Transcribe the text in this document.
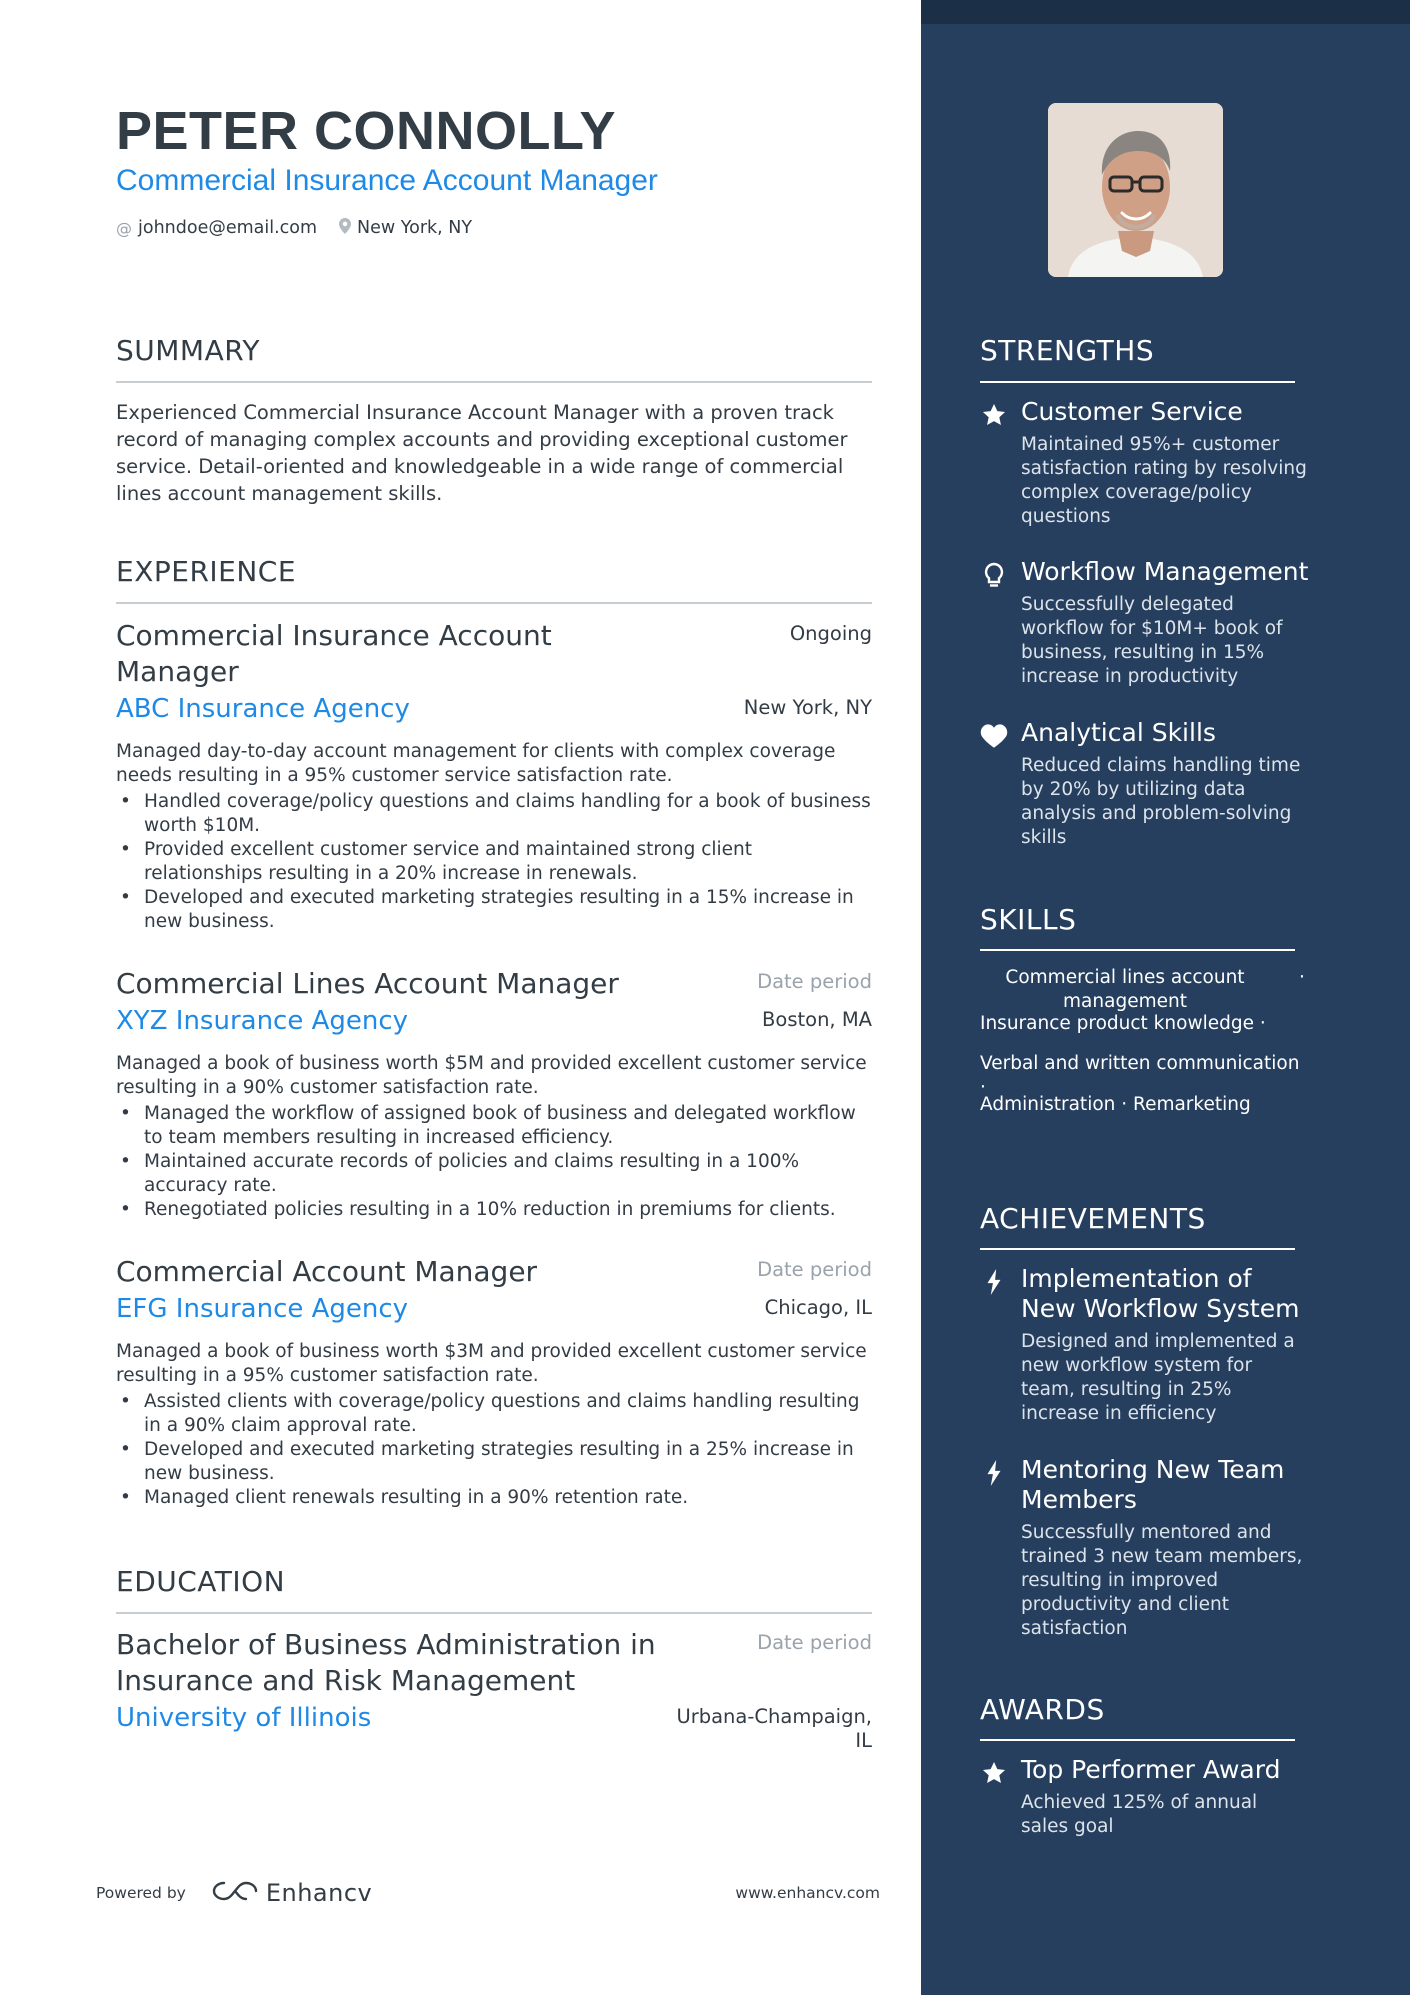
PETER CONNOLLY
Commercial Insurance Account Manager
@ johndoe@email.com New York, NY
SUMMARY
Experienced Commercial Insurance Account Manager with a proven track record of managing complex accounts and providing exceptional customer service. Detail-oriented and knowledgeable in a wide range of commercial lines account management skills.
EXPERIENCE
Commercial Insurance Account Manager
Ongoing
ABC Insurance Agency	New York, NY
Managed day-to-day account management for clients with complex coverage needs resulting in a 95% customer service satisfaction rate.
• Handled coverage/policy questions and claims handling for a book of business worth $10M.
• Provided excellent customer service and maintained strong client relationships resulting in a 20% increase in renewals.
• Developed and executed marketing strategies resulting in a 15% increase in new business.
Commercial Lines Account Manager	Date period
XYZ Insurance Agency	Boston, MA
Managed a book of business worth $5M and provided excellent customer service resulting in a 90% customer satisfaction rate.
• Managed the workflow of assigned book of business and delegated workflow to team members resulting in increased efficiency.
• Maintained accurate records of policies and claims resulting in a 100% accuracy rate.
• Renegotiated policies resulting in a 10% reduction in premiums for clients.
Commercial Account Manager	Date period
EFG Insurance Agency	Chicago, IL
Managed a book of business worth $3M and provided excellent customer service resulting in a 95% customer satisfaction rate.
• Assisted clients with coverage/policy questions and claims handling resulting in a 90% claim approval rate.
• Developed and executed marketing strategies resulting in a 25% increase in new business.
• Managed client renewals resulting in a 90% retention rate.
EDUCATION
Bachelor of Business Administration in Insurance and Risk Management
Date period
University of Illinois	Urbana-Champaign, IL
Powered by	Enhancv	www.enhancv.com
STRENGTHS
Customer Service
Maintained 95%+ customer satisfaction rating by resolving complex coverage/policy questions
Workflow Management
Successfully delegated workflow for $10M+ book of business, resulting in 15% increase in productivity
Analytical Skills
Reduced claims handling time by 20% by utilizing data analysis and problem-solving skills
SKILLS
Commercial lines account management
·
Insurance product knowledge ·
Verbal and written communication ·
Administration · Remarketing
ACHIEVEMENTS
Implementation of New Workflow System
Designed and implemented a new workflow system for team, resulting in 25% increase in efficiency
Mentoring New Team Members
Successfully mentored and trained 3 new team members, resulting in improved productivity and client satisfaction
AWARDS
Top Performer Award
Achieved 125% of annual sales goal
